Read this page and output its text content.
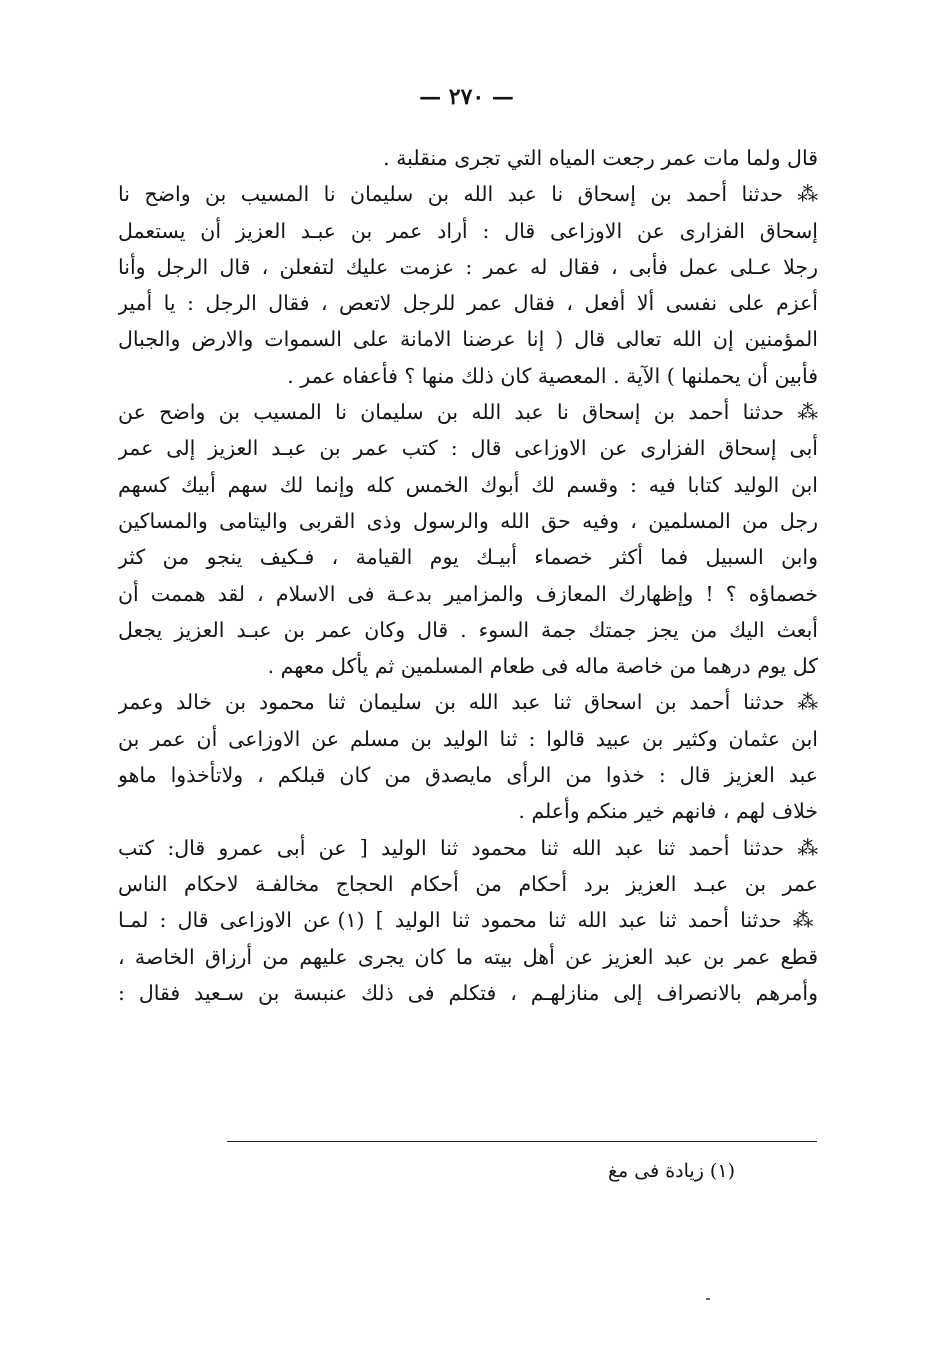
— ٢٧٠ —
قال ولما مات عمر رجعت المياه التي تجرى منقلبة .
⁂ حدثنا أحمد بن إسحاق نا عبد الله بن سليمان نا المسيب بن واضح نا
إسحاق الفزارى عن الاوزاعى قال : أراد عمر بن عبـد العزيز أن يستعمل
رجلا عـلى عمل فأبى ، فقال له عمر : عزمت عليك لتفعلن ، قال الرجل وأنا
أعزم على نفسى ألا أفعل ، فقال عمر للرجل لاتعص ، فقال الرجل : يا أمير
المؤمنين إن الله تعالى قال ( إنا عرضنا الامانة على السموات والارض والجبال
فأبين أن يحملنها ) الآية . المعصية كان ذلك منها ؟ فأعفاه عمر .
⁂ حدثنا أحمد بن إسحاق نا عبد الله بن سليمان نا المسيب بن واضح عن
أبى إسحاق الفزارى عن الاوزاعى قال : كتب عمر بن عبـد العزيز إلى عمر
ابن الوليد كتابا فيه : وقسم لك أبوك الخمس كله وإنما لك سهم أبيك كسهم
رجل من المسلمين ، وفيه حق الله والرسول وذى القربى واليتامى والمساكين
وابن السبيل فما أكثر خصماء أبيـك يوم القيامة ، فـكيف ينجو من كثر
خصماؤه ؟ ! وإظهارك المعازف والمزامير بدعـة فى الاسلام ، لقد هممت أن
أبعث اليك من يجز جمتك جمة السوء . قال وكان عمر بن عبـد العزيز يجعل
كل يوم درهما من خاصة ماله فى طعام المسلمين ثم يأكل معهم .
⁂ حدثنا أحمد بن اسحاق ثنا عبد الله بن سليمان ثنا محمود بن خالد وعمر
ابن عثمان وكثير بن عبيد قالوا : ثنا الوليد بن مسلم عن الاوزاعى أن عمر بن
عبد العزيز قال : خذوا من الرأى مايصدق من كان قبلكم ، ولاتأخذوا ماهو
خلاف لهم ، فانهم خير منكم وأعلم .
⁂ حدثنا أحمد ثنا عبد الله ثنا محمود ثنا الوليد [ عن أبى عمرو قال: كتب
عمر بن عبـد العزيز برد أحكام من أحكام الحجاج مخالفـة لاحكام الناس
⁂ حدثنا أحمد ثنا عبد الله ثنا محمود ثنا الوليد ] (١) عن الاوزاعى قال : لمـا
قطع عمر بن عبد العزيز عن أهل بيته ما كان يجرى عليهم من أرزاق الخاصة ،
وأمرهم بالانصراف إلى منازلهـم ، فتكلم فى ذلك عنبسة بن سـعيد فقال :
(١) زيادة فى مغ
